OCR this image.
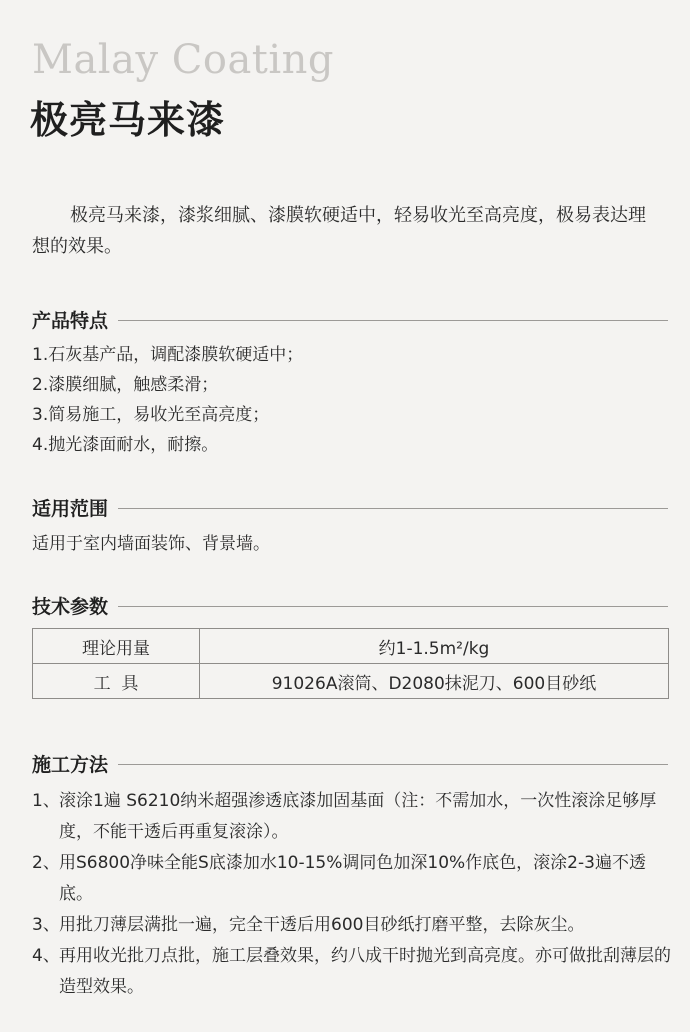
Malay Coating
极亮马来漆

极亮马来漆，漆浆细腻、漆膜软硬适中，轻易收光至高亮度，极易表达理想的效果。

产品特点
1.石灰基产品，调配漆膜软硬适中；
2.漆膜细腻，触感柔滑；
3.简易施工，易收光至高亮度；
4.抛光漆面耐水，耐擦。
适用范围
适用于室内墙面装饰、背景墙。
技术参数
理论用量	约1-1.5m²/kg
工  具	91026A滚筒、D2080抹泥刀、600目砂纸
施工方法
1、 滚涂1遍 S6210纳米超强渗透底漆加固基面（注：不需加水，一次性滚涂足够厚度，不能干透后再重复滚涂）。
2、 用S6800净味全能S底漆加水10-15%调同色加深10%作底色，滚涂2-3遍不透底。
3、 用批刀薄层满批一遍，完全干透后用600目砂纸打磨平整，去除灰尘。
4、 再用收光批刀点批，施工层叠效果，约八成干时抛光到高亮度。亦可做批刮薄层的造型效果。
